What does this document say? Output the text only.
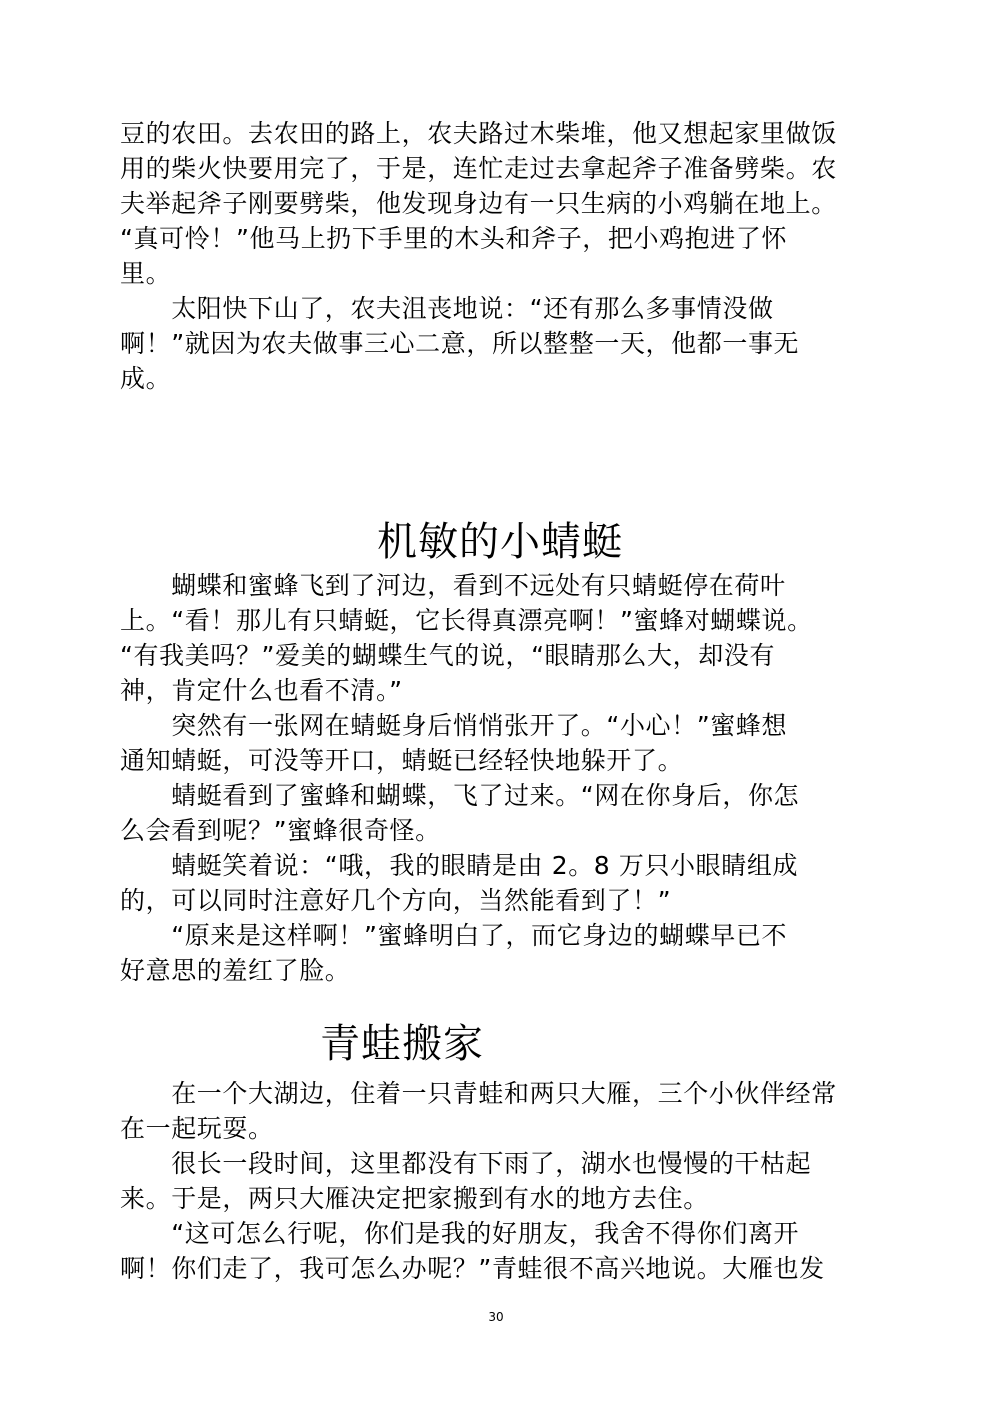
豆的农田。去农田的路上，农夫路过木柴堆，他又想起家里做饭
用的柴火快要用完了，于是，连忙走过去拿起斧子准备劈柴。农
夫举起斧子刚要劈柴，他发现身边有一只生病的小鸡躺在地上。
“真可怜！”他马上扔下手里的木头和斧子，把小鸡抱进了怀
里。
　　太阳快下山了，农夫沮丧地说：“还有那么多事情没做
啊！”就因为农夫做事三心二意，所以整整一天，他都一事无
成。
机敏的小蜻蜓
　　蝴蝶和蜜蜂飞到了河边，看到不远处有只蜻蜓停在荷叶
上。“看！那儿有只蜻蜓，它长得真漂亮啊！”蜜蜂对蝴蝶说。
“有我美吗？”爱美的蝴蝶生气的说，“眼睛那么大，却没有
神，肯定什么也看不清。”
　　突然有一张网在蜻蜓身后悄悄张开了。“小心！”蜜蜂想
通知蜻蜓，可没等开口，蜻蜓已经轻快地躲开了。
　　蜻蜓看到了蜜蜂和蝴蝶，飞了过来。“网在你身后，你怎
么会看到呢？”蜜蜂很奇怪。
　　蜻蜓笑着说：“哦，我的眼睛是由 2。8 万只小眼睛组成
的，可以同时注意好几个方向，当然能看到了！”
　　“原来是这样啊！”蜜蜂明白了，而它身边的蝴蝶早已不
好意思的羞红了脸。
青蛙搬家
　　在一个大湖边，住着一只青蛙和两只大雁，三个小伙伴经常
在一起玩耍。
　　很长一段时间，这里都没有下雨了，湖水也慢慢的干枯起
来。于是，两只大雁决定把家搬到有水的地方去住。
　　“这可怎么行呢，你们是我的好朋友，我舍不得你们离开
啊！你们走了，我可怎么办呢？”青蛙很不高兴地说。大雁也发
30
